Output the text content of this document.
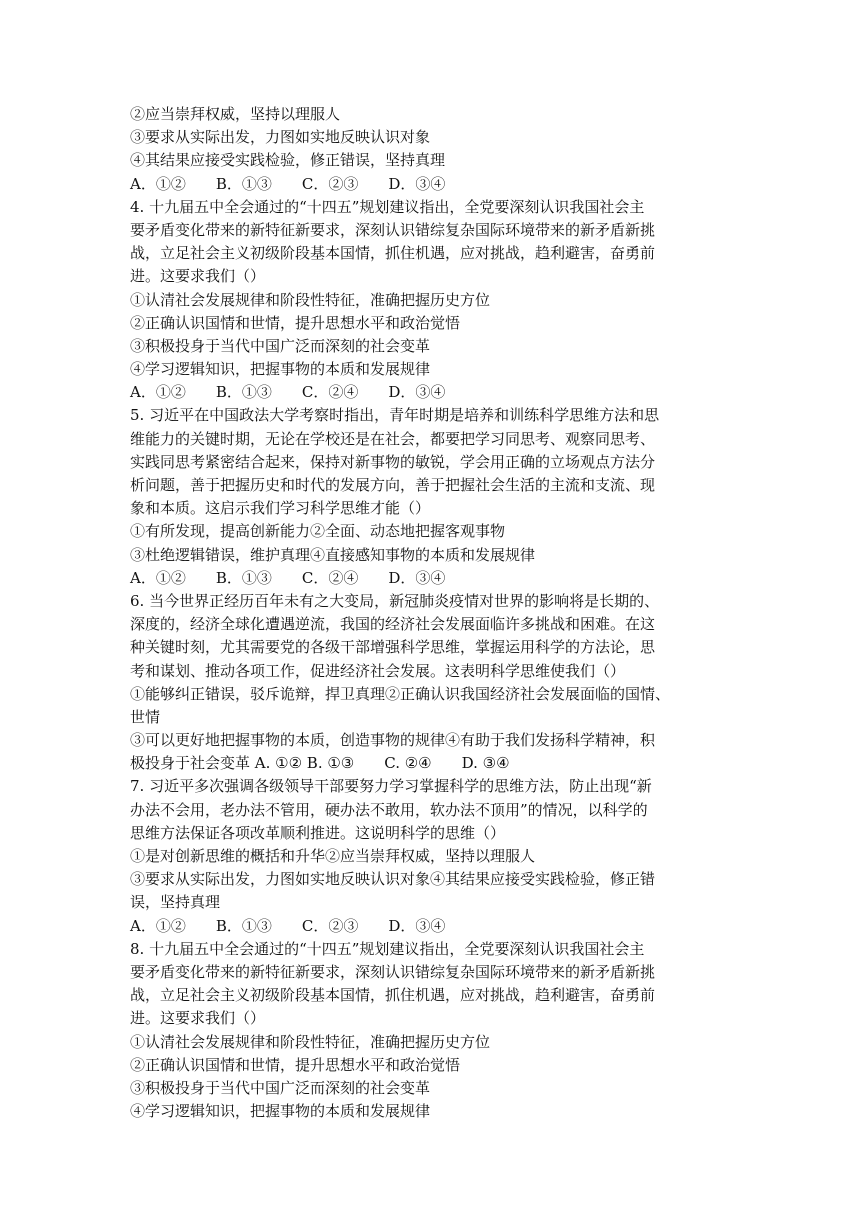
②应当崇拜权威，坚持以理服人
③要求从实际出发，力图如实地反映认识对象
④其结果应接受实践检验，修正错误，坚持真理
A．①②　　B．①③　　C．②③　　D．③④
4. 十九届五中全会通过的“十四五”规划建议指出，全党要深刻认识我国社会主
要矛盾变化带来的新特征新要求，深刻认识错综复杂国际环境带来的新矛盾新挑
战，立足社会主义初级阶段基本国情，抓住机遇，应对挑战，趋利避害，奋勇前
进。这要求我们（）
①认清社会发展规律和阶段性特征，准确把握历史方位
②正确认识国情和世情，提升思想水平和政治觉悟
③积极投身于当代中国广泛而深刻的社会变革
④学习逻辑知识，把握事物的本质和发展规律
A．①②　　B．①③　　C．②④　　D．③④
5. 习近平在中国政法大学考察时指出，青年时期是培养和训练科学思维方法和思
维能力的关键时期，无论在学校还是在社会，都要把学习同思考、观察同思考、
实践同思考紧密结合起来，保持对新事物的敏锐，学会用正确的立场观点方法分
析问题，善于把握历史和时代的发展方向，善于把握社会生活的主流和支流、现
象和本质。这启示我们学习科学思维才能（）
①有所发现，提高创新能力②全面、动态地把握客观事物
③杜绝逻辑错误，维护真理④直接感知事物的本质和发展规律
A．①②　　B．①③　　C．②④　　D．③④
6. 当今世界正经历百年未有之大变局，新冠肺炎疫情对世界的影响将是长期的、
深度的，经济全球化遭遇逆流，我国的经济社会发展面临许多挑战和困难。在这
种关键时刻，尤其需要党的各级干部增强科学思维，掌握运用科学的方法论，思
考和谋划、推动各项工作，促进经济社会发展。这表明科学思维使我们（）
①能够纠正错误，驳斥诡辩，捍卫真理②正确认识我国经济社会发展面临的国情、
世情
③可以更好地把握事物的本质，创造事物的规律④有助于我们发扬科学精神，积
极投身于社会变革 A. ①② B. ①③　　C. ②④　　D. ③④
7. 习近平多次强调各级领导干部要努力学习掌握科学的思维方法，防止出现“新
办法不会用，老办法不管用，硬办法不敢用，软办法不顶用”的情况，以科学的
思维方法保证各项改革顺利推进。这说明科学的思维（）
①是对创新思维的概括和升华②应当崇拜权威，坚持以理服人
③要求从实际出发，力图如实地反映认识对象④其结果应接受实践检验，修正错
误，坚持真理
A．①②　　B．①③　　C．②③　　D．③④
8. 十九届五中全会通过的“十四五”规划建议指出，全党要深刻认识我国社会主
要矛盾变化带来的新特征新要求，深刻认识错综复杂国际环境带来的新矛盾新挑
战，立足社会主义初级阶段基本国情，抓住机遇，应对挑战，趋利避害，奋勇前
进。这要求我们（）
①认清社会发展规律和阶段性特征，准确把握历史方位
②正确认识国情和世情，提升思想水平和政治觉悟
③积极投身于当代中国广泛而深刻的社会变革
④学习逻辑知识，把握事物的本质和发展规律
